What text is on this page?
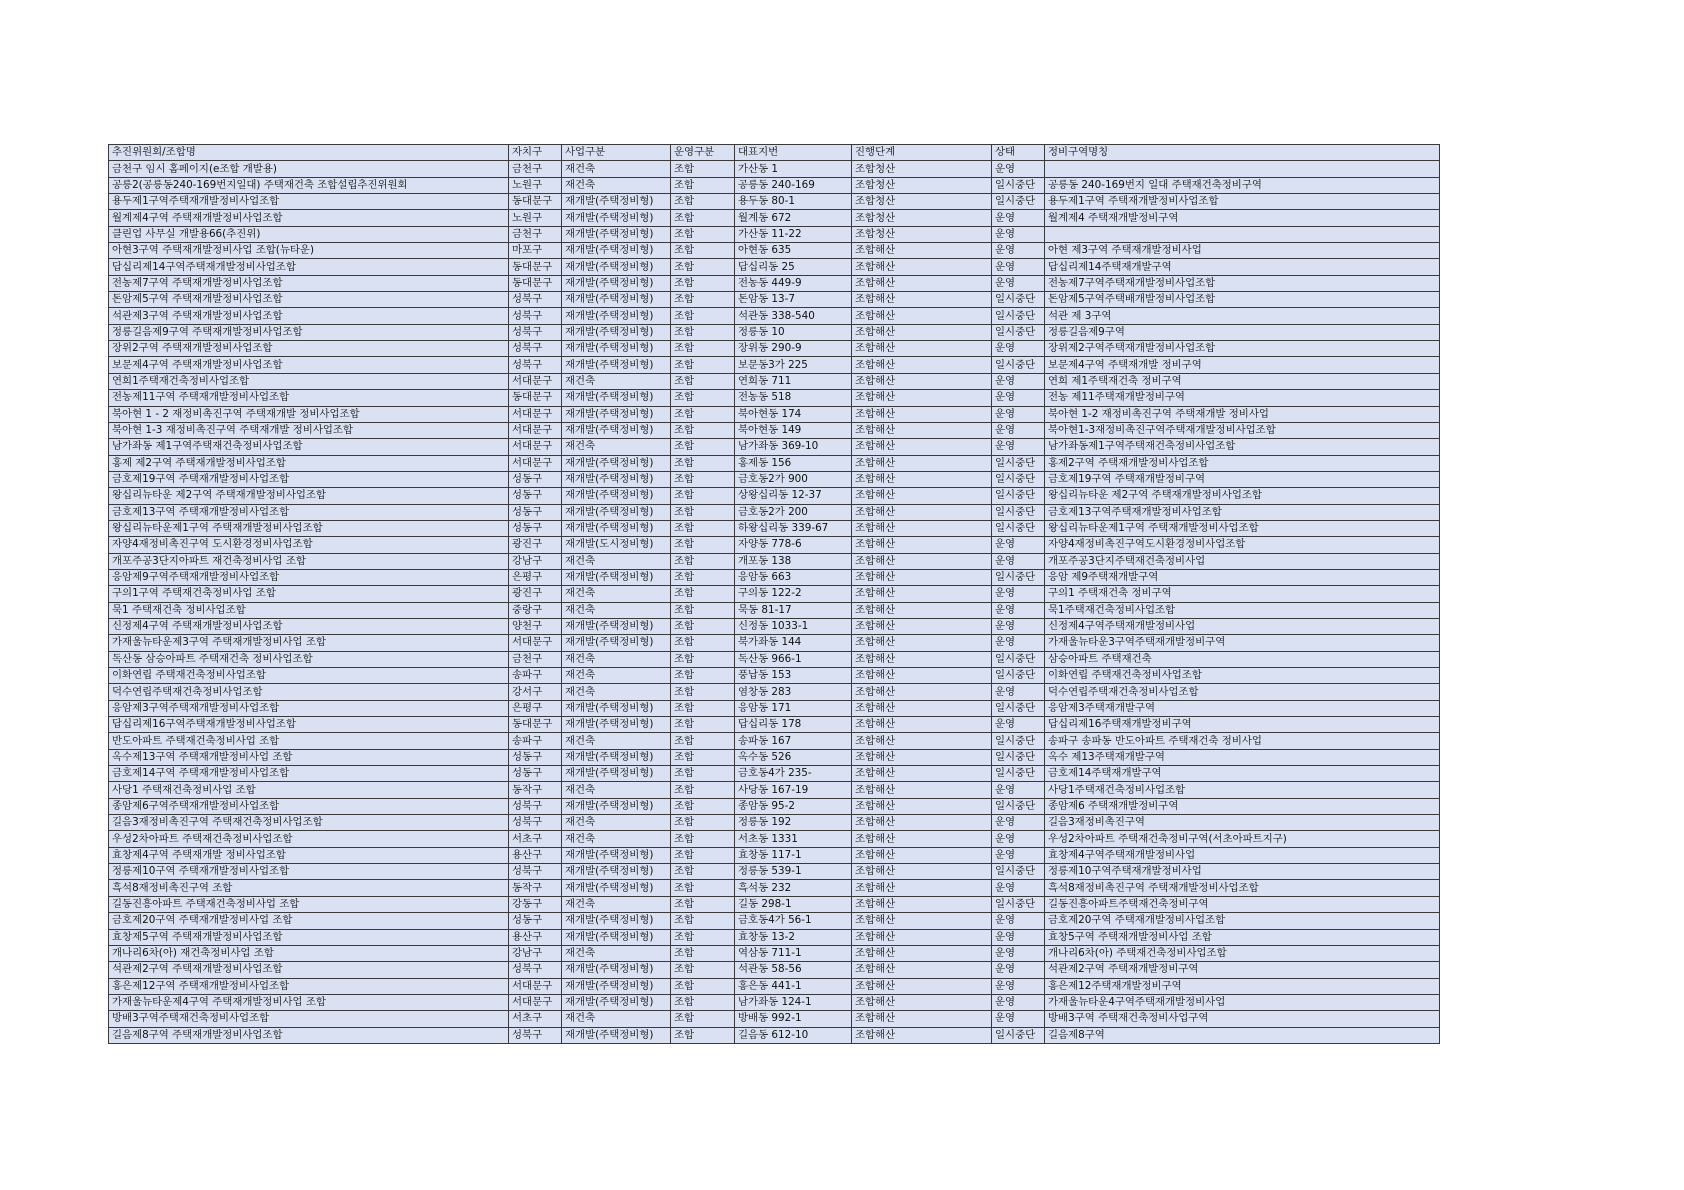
추진위원회/조합명	자치구	사업구분	운영구분	대표지번	진행단계	상태	정비구역명칭
금천구 임시 홈페이지(e조합 개발용)	금천구	재건축	조합	가산동 1	조합청산	운영	
공릉2(공릉동240-169번지일대) 주택재건축 조합설립추진위원회	노원구	재건축	조합	공릉동 240-169	조합청산	일시중단	공릉동 240-169번지 일대 주택재건축정비구역
용두제1구역주택재개발정비사업조합	동대문구	재개발(주택정비형)	조합	용두동 80-1	조합청산	일시중단	용두제1구역 주택재개발정비사업조합
월계제4구역 주택재개발정비사업조합	노원구	재개발(주택정비형)	조합	월계동 672	조합청산	운영	월계제4 주택재개발정비구역
클린업 사무실 개발용66(추진위)	금천구	재개발(주택정비형)	조합	가산동 11-22	조합청산	운영	
아현3구역 주택재개발정비사업 조합(뉴타운)	마포구	재개발(주택정비형)	조합	아현동 635	조합해산	운영	아현 제3구역 주택재개발정비사업
답십리제14구역주택재개발정비사업조합	동대문구	재개발(주택정비형)	조합	답십리동 25	조합해산	운영	답십리제14주택재개발구역
전농제7구역 주택재개발정비사업조합	동대문구	재개발(주택정비형)	조합	전농동 449-9	조합해산	운영	전농제7구역주택재개발정비사업조합
돈암제5구역 주택재개발정비사업조합	성북구	재개발(주택정비형)	조합	돈암동 13-7	조합해산	일시중단	돈암제5구역주택배개발정비사업조합
석관제3구역 주택재개발정비사업조합	성북구	재개발(주택정비형)	조합	석관동 338-540	조합해산	일시중단	석관 제 3구역
정릉길음제9구역 주택재개발정비사업조합	성북구	재개발(주택정비형)	조합	정릉동 10	조합해산	일시중단	정릉길음제9구역
장위2구역 주택재개발정비사업조합	성북구	재개발(주택정비형)	조합	장위동 290-9	조합해산	운영	장위제2구역주택재개발정비사업조합
보문제4구역 주택재개발정비사업조합	성북구	재개발(주택정비형)	조합	보문동3가 225	조합해산	일시중단	보문제4구역 주택재개발 정비구역
연희1주택재건축정비사업조합	서대문구	재건축	조합	연희동 711	조합해산	운영	연희 제1주택재건축 정비구역
전농제11구역 주택재개발정비사업조합	동대문구	재개발(주택정비형)	조합	전농동 518	조합해산	운영	전농 제11주택재개발정비구역
북아현 1 - 2 재정비촉진구역 주택재개발 정비사업조합	서대문구	재개발(주택정비형)	조합	북아현동 174	조합해산	운영	북아현 1-2 재정비촉진구역 주택재개발 정비사업
북아현 1-3 재정비촉진구역 주택재개발 정비사업조합	서대문구	재개발(주택정비형)	조합	북아현동 149	조합해산	운영	북아현1-3재정비촉진구역주택재개발정비사업조합
남가좌동 제1구역주택재건축정비사업조합	서대문구	재건축	조합	남가좌동 369-10	조합해산	운영	남가좌동제1구역주택재건축정비사업조합
홍제 제2구역 주택재개발정비사업조합	서대문구	재개발(주택정비형)	조합	홍제동 156	조합해산	일시중단	홍제2구역 주택재개발정비사업조합
금호제19구역 주택재개발정비사업조합	성동구	재개발(주택정비형)	조합	금호동2가 900	조합해산	일시중단	금호제19구역 주택재개발정비구역
왕십리뉴타운 제2구역 주택재개발정비사업조합	성동구	재개발(주택정비형)	조합	상왕십리동 12-37	조합해산	일시중단	왕십리뉴타운 제2구역 주택재개발정비사업조합
금호제13구역 주택재개발정비사업조합	성동구	재개발(주택정비형)	조합	금호동2가 200	조합해산	일시중단	금호제13구역주택재개발정비사업조합
왕십리뉴타운제1구역 주택재개발정비사업조합	성동구	재개발(주택정비형)	조합	하왕십리동 339-67	조합해산	일시중단	왕십리뉴타운제1구역 주택재개발정비사업조합
자양4재정비촉진구역 도시환경정비사업조합	광진구	재개발(도시정비형)	조합	자양동 778-6	조합해산	운영	자양4재정비촉진구역도시환경정비사업조합
개포주공3단지아파트 재건축정비사업 조합	강남구	재건축	조합	개포동 138	조합해산	운영	개포주공3단지주택재건축정비사업
응암제9구역주택재개발정비사업조합	은평구	재개발(주택정비형)	조합	응암동 663	조합해산	일시중단	응암 제9주택재개발구역
구의1구역 주택재건축정비사업 조합	광진구	재건축	조합	구의동 122-2	조합해산	운영	구의1 주택재건축 정비구역
묵1 주택재건축 정비사업조합	중랑구	재건축	조합	묵동 81-17	조합해산	운영	묵1주택재건축정비사업조합
신정제4구역 주택재개발정비사업조합	양천구	재개발(주택정비형)	조합	신정동 1033-1	조합해산	운영	신정제4구역주택재개발정비사업
가재울뉴타운제3구역 주택재개발정비사업 조합	서대문구	재개발(주택정비형)	조합	북가좌동 144	조합해산	운영	가재울뉴타운3구역주택재개발정비구역
독산동 삼승아파트 주택재건축 정비사업조합	금천구	재건축	조합	독산동 966-1	조합해산	일시중단	삼승아파트 주택재건축
이화연립 주택재건축정비사업조합	송파구	재건축	조합	풍납동 153	조합해산	일시중단	이화연립 주택재건축정비사업조합
덕수연립주택재건축정비사업조합	강서구	재건축	조합	염창동 283	조합해산	운영	덕수연립주택재건축정비사업조합
응암제3구역주택재개발정비사업조합	은평구	재개발(주택정비형)	조합	응암동 171	조합해산	일시중단	응암제3주택재개발구역
답십리제16구역주택재개발정비사업조합	동대문구	재개발(주택정비형)	조합	답십리동 178	조합해산	운영	답십리제16주택재개발정비구역
반도아파트 주택재건축정비사업 조합	송파구	재건축	조합	송파동 167	조합해산	일시중단	송파구 송파동 반도아파트 주택재건축 정비사업
옥수제13구역 주택재개발정비사업 조합	성동구	재개발(주택정비형)	조합	옥수동 526	조합해산	일시중단	옥수 제13주택재개발구역
금호제14구역 주택재개발정비사업조합	성동구	재개발(주택정비형)	조합	금호동4가 235-	조합해산	일시중단	금호제14주택재개발구역
사당1 주택재건축정비사업 조합	동작구	재건축	조합	사당동 167-19	조합해산	운영	사당1주택재건축정비사업조합
종암제6구역주택재개발정비사업조합	성북구	재개발(주택정비형)	조합	종암동 95-2	조합해산	일시중단	종암제6 주택재개발정비구역
길음3재정비촉진구역 주택재건축정비사업조합	성북구	재건축	조합	정릉동 192	조합해산	운영	길음3재정비촉진구역
우성2차아파트 주택재건축정비사업조합	서초구	재건축	조합	서초동 1331	조합해산	운영	우성2차아파트 주택재건축정비구역(서초아파트지구)
효창제4구역 주택재개발 정비사업조합	용산구	재개발(주택정비형)	조합	효창동 117-1	조합해산	운영	효창제4구역주택재개발정비사업
정릉제10구역 주택재개발정비사업조합	성북구	재개발(주택정비형)	조합	정릉동 539-1	조합해산	일시중단	정릉제10구역주택재개발정비사업
흑석8재정비촉진구역 조합	동작구	재개발(주택정비형)	조합	흑석동 232	조합해산	운영	흑석8재정비촉진구역 주택재개발정비사업조합
길동진흥아파트 주택재건축정비사업 조합	강동구	재건축	조합	길동 298-1	조합해산	일시중단	길동진흥아파트주택재건축정비구역
금호제20구역 주택재개발정비사업 조합	성동구	재개발(주택정비형)	조합	금호동4가 56-1	조합해산	운영	금호제20구역 주택재개발정비사업조합
효창제5구역 주택재개발정비사업조합	용산구	재개발(주택정비형)	조합	효창동 13-2	조합해산	운영	효창5구역 주택재개발정비사업 조합
개나리6차(아) 재건축정비사업 조합	강남구	재건축	조합	역삼동 711-1	조합해산	운영	개나리6차(아) 주택재건축정비사업조합
석관제2구역 주택재개발정비사업조합	성북구	재개발(주택정비형)	조합	석관동 58-56	조합해산	운영	석관제2구역 주택재개발정비구역
홍은제12구역 주택재개발정비사업조합	서대문구	재개발(주택정비형)	조합	홍은동 441-1	조합해산	운영	홍은제12주택재개발정비구역
가재울뉴타운제4구역 주택재개발정비사업 조합	서대문구	재개발(주택정비형)	조합	남가좌동 124-1	조합해산	운영	가재울뉴타운4구역주택재개발정비사업
방배3구역주택재건축정비사업조합	서초구	재건축	조합	방배동 992-1	조합해산	운영	방배3구역 주택재건축정비사업구역
길음제8구역 주택재개발정비사업조합	성북구	재개발(주택정비형)	조합	길음동 612-10	조합해산	일시중단	길음제8구역
